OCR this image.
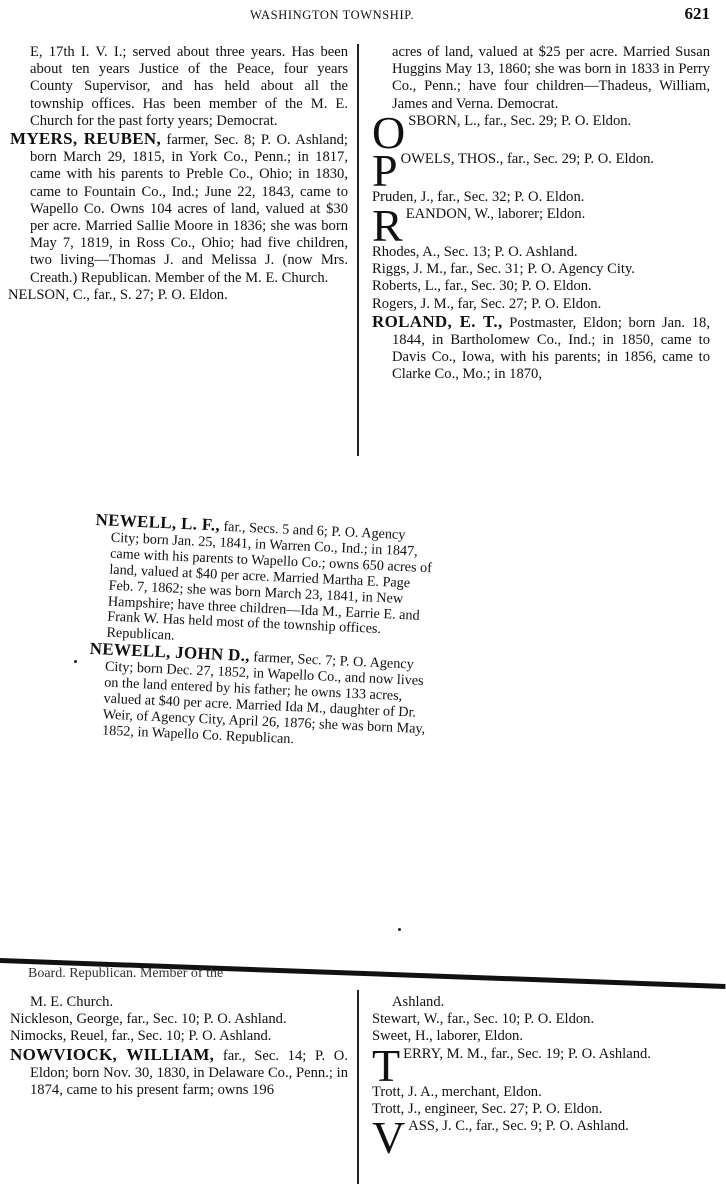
WASHINGTON TOWNSHIP.	621

E, 17th I. V. I.; served about three years. Has been about ten years Justice of the Peace, four years County Supervisor, and has held about all the township offices. Has been member of the M. E. Church for the past forty years; Democrat.

MYERS, REUBEN, farmer, Sec. 8; P. O. Ashland; born March 29, 1815, in York Co., Penn.; in 1817, came with his parents to Preble Co., Ohio; in 1830, came to Fountain Co., Ind.; June 22, 1843, came to Wapello Co. Owns 104 acres of land, valued at $30 per acre. Married Sallie Moore in 1836; she was born May 7, 1819, in Ross Co., Ohio; had five children, two living—Thomas J. and Melissa J. (now Mrs. Creath.) Republican. Member of the M. E. Church.

NELSON, C., far., S. 27; P. O. Eldon.

acres of land, valued at $25 per acre. Married Susan Huggins May 13, 1860; she was born in 1833 in Perry Co., Penn.; have four children—Thadeus, William, James and Verna. Democrat.

OSBORN, L., far., Sec. 29; P. O. Eldon.

POWELS, THOS., far., Sec. 29; P. O. Eldon.

Pruden, J., far., Sec. 32; P. O. Eldon.

REANDON, W., laborer; Eldon.

Rhodes, A., Sec. 13; P. O. Ashland.

Riggs, J. M., far., Sec. 31; P. O. Agency City.

Roberts, L., far., Sec. 30; P. O. Eldon.

Rogers, J. M., far, Sec. 27; P. O. Eldon.

ROLAND, E. T., Postmaster, Eldon; born Jan. 18, 1844, in Bartholomew Co., Ind.; in 1850, came to Davis Co., Iowa, with his parents; in 1856, came to Clarke Co., Mo.; in 1870,

NEWELL, L. F., far., Secs. 5 and 6; P. O. Agency City; born Jan. 25, 1841, in Warren Co., Ind.; in 1847, came with his parents to Wapello Co.; owns 650 acres of land, valued at $40 per acre. Married Martha E. Page Feb. 7, 1862; she was born March 23, 1841, in New Hampshire; have three children—Ida M., Earrie E. and Frank W. Has held most of the township offices. Republican.

NEWELL, JOHN D., farmer, Sec. 7; P. O. Agency City; born Dec. 27, 1852, in Wapello Co., and now lives on the land entered by his father; he owns 133 acres, valued at $40 per acre. Married Ida M., daughter of Dr. Weir, of Agency City, April 26, 1876; she was born May, 1852, in Wapello Co. Republican.

Board. Republican. Member of the

M. E. Church.

Nickleson, George, far., Sec. 10; P. O. Ashland.

Nimocks, Reuel, far., Sec. 10; P. O. Ashland.

NOWVIOCK, WILLIAM, far., Sec. 14; P. O. Eldon; born Nov. 30, 1830, in Delaware Co., Penn.; in 1874, came to his present farm; owns 196

Ashland.

Stewart, W., far., Sec. 10; P. O. Eldon.

Sweet, H., laborer, Eldon.

TERRY, M. M., far., Sec. 19; P. O. Ashland.

Trott, J. A., merchant, Eldon.

Trott, J., engineer, Sec. 27; P. O. Eldon.

VASS, J. C., far., Sec. 9; P. O. Ashland.
